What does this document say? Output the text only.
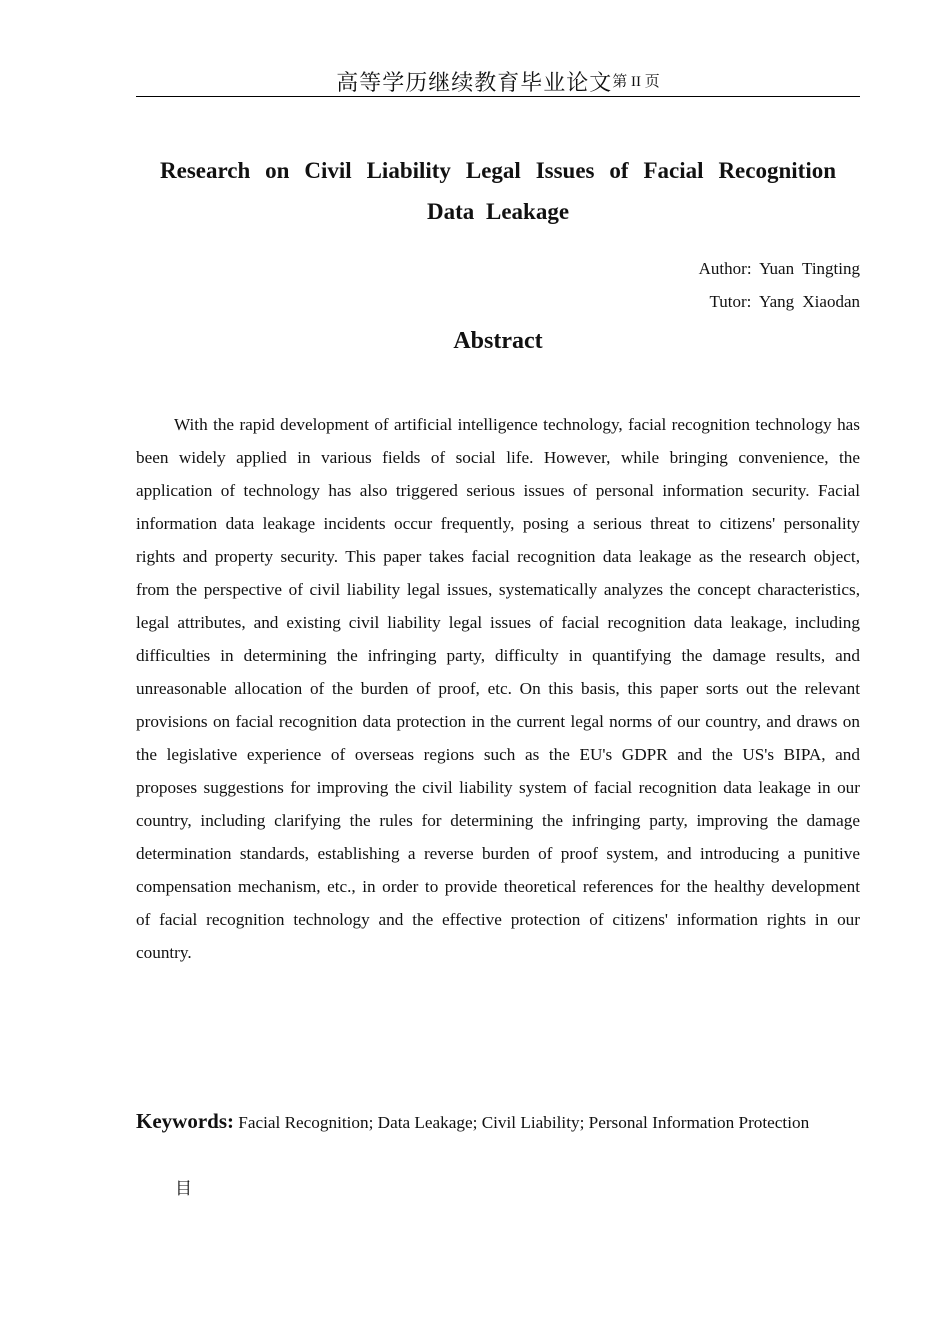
高等学历继续教育毕业论文第 II 页
Research on Civil Liability Legal Issues of Facial Recognition
Data Leakage
Author: Yuan Tingting
Tutor: Yang Xiaodan
Abstract

With the rapid development of artificial intelligence technology, facial recognition technology has been widely applied in various fields of social life. However, while bringing convenience, the application of technology has also triggered serious issues of personal information security. Facial information data leakage incidents occur frequently, posing a serious threat to citizens' personality rights and property security. This paper takes facial recognition data leakage as the research object, from the perspective of civil liability legal issues, systematically analyzes the concept characteristics, legal attributes, and existing civil liability legal issues of facial recognition data leakage, including difficulties in determining the infringing party, difficulty in quantifying the damage results, and unreasonable allocation of the burden of proof, etc. On this basis, this paper sorts out the relevant provisions on facial recognition data protection in the current legal norms of our country, and draws on the legislative experience of overseas regions such as the EU's GDPR and the US's BIPA, and proposes suggestions for improving the civil liability system of facial recognition data leakage in our country, including clarifying the rules for determining the infringing party, improving the damage determination standards, establishing a reverse burden of proof system, and introducing a punitive compensation mechanism, etc., in order to provide theoretical references for the healthy development of facial recognition technology and the effective protection of citizens' information rights in our country.

Keywords: Facial Recognition; Data Leakage; Civil Liability; Personal Information Protection

目
